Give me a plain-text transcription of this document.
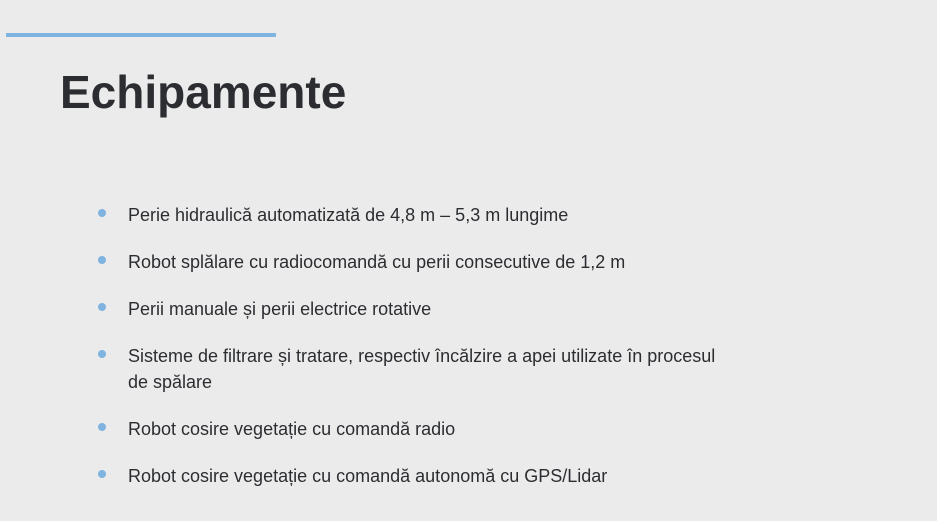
Echipamente
Perie hidraulică automatizată de 4,8 m – 5,3 m lungime
Robot splălare cu radiocomandă cu perii consecutive de 1,2 m
Perii manuale și perii electrice rotative
Sisteme de filtrare și tratare, respectiv încălzire a apei utilizate în procesul de spălare
Robot cosire vegetație cu comandă radio
Robot cosire vegetație cu comandă autonomă cu GPS/Lidar
